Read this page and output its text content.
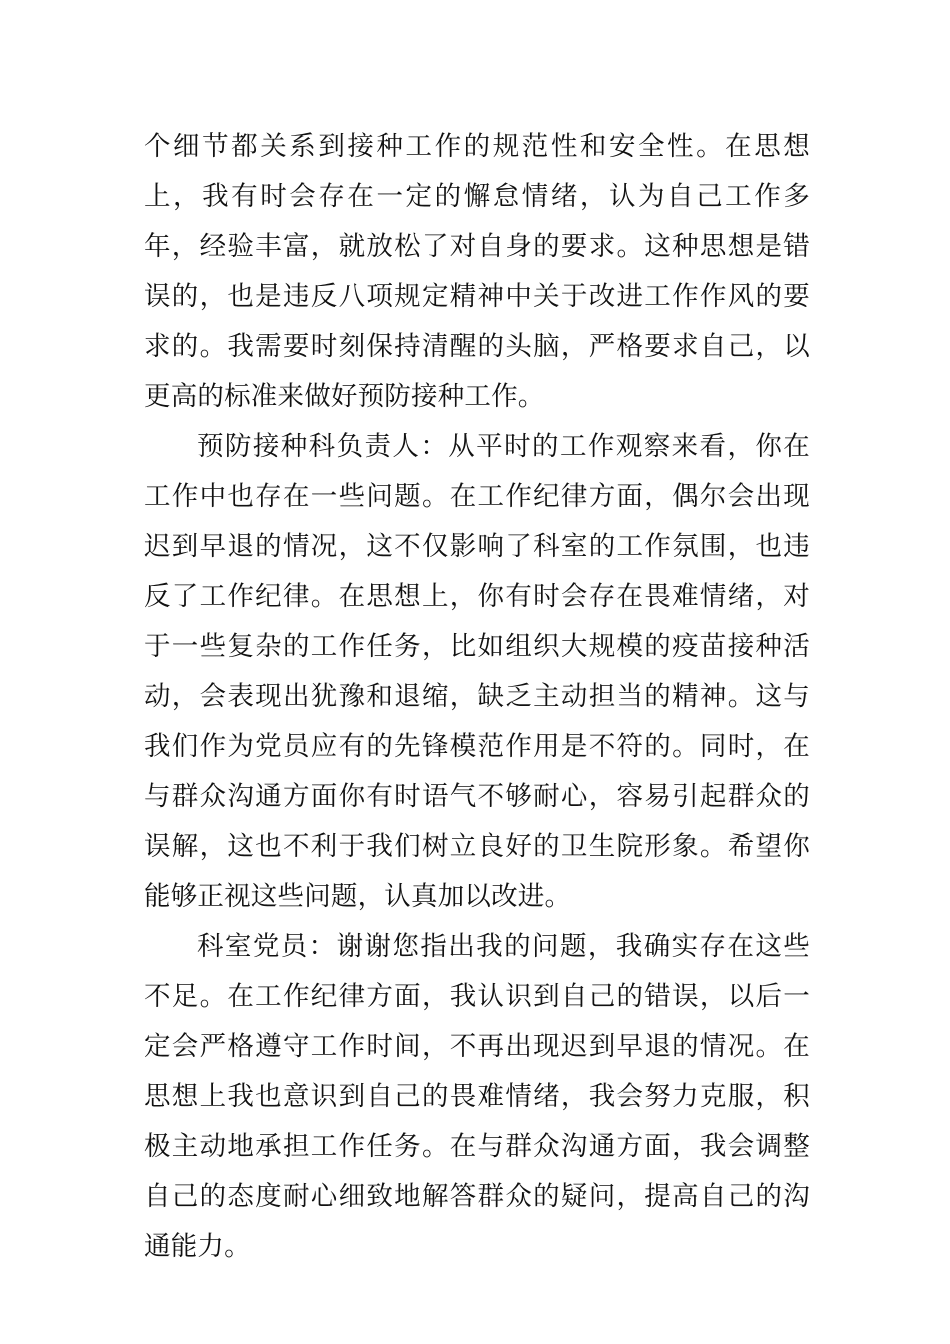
个细节都关系到接种工作的规范性和安全性。在思想上，我有时会存在一定的懈怠情绪，认为自己工作多年，经验丰富，就放松了对自身的要求。这种思想是错误的，也是违反八项规定精神中关于改进工作作风的要求的。我需要时刻保持清醒的头脑，严格要求自己，以更高的标准来做好预防接种工作。

预防接种科负责人：从平时的工作观察来看，你在工作中也存在一些问题。在工作纪律方面，偶尔会出现迟到早退的情况，这不仅影响了科室的工作氛围，也违反了工作纪律。在思想上，你有时会存在畏难情绪，对于一些复杂的工作任务，比如组织大规模的疫苗接种活动，会表现出犹豫和退缩，缺乏主动担当的精神。这与我们作为党员应有的先锋模范作用是不符的。同时，在与群众沟通方面你有时语气不够耐心，容易引起群众的误解，这也不利于我们树立良好的卫生院形象。希望你能够正视这些问题，认真加以改进。

科室党员：谢谢您指出我的问题，我确实存在这些不足。在工作纪律方面，我认识到自己的错误，以后一定会严格遵守工作时间，不再出现迟到早退的情况。在思想上我也意识到自己的畏难情绪，我会努力克服，积极主动地承担工作任务。在与群众沟通方面，我会调整自己的态度耐心细致地解答群众的疑问，提高自己的沟通能力。
